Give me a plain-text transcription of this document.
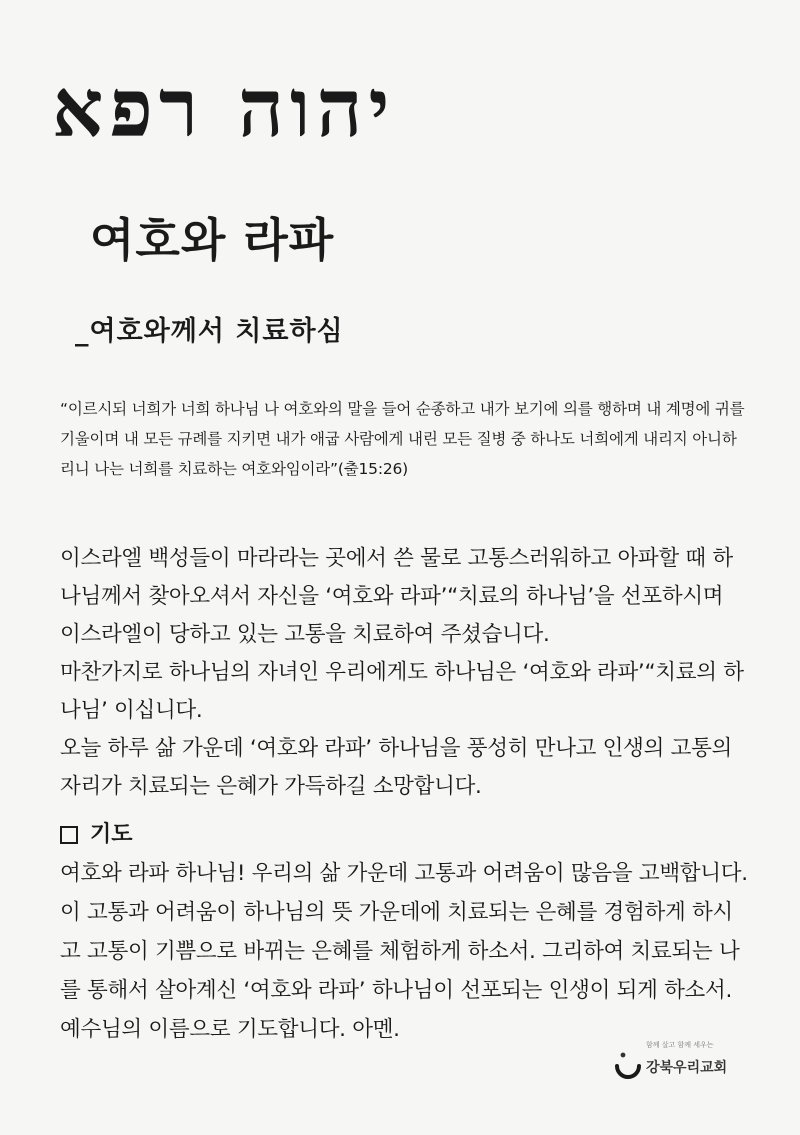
יהוה רפא
여호와 라파
_여호와께서 치료하심
“이르시되 너희가 너희 하나님 나 여호와의 말을 들어 순종하고 내가 보기에 의를 행하며 내 계명에 귀를 기울이며 내 모든 규례를 지키면 내가 애굽 사람에게 내린 모든 질병 중 하나도 너희에게 내리지 아니하리니 나는 너희를 치료하는 여호와임이라”(출15:26)

이스라엘 백성들이 마라라는 곳에서 쓴 물로 고통스러워하고 아파할 때 하나님께서 찾아오셔서 자신을 ‘여호와 라파’“치료의 하나님’을 선포하시며 이스라엘이 당하고 있는 고통을 치료하여 주셨습니다.

마찬가지로 하나님의 자녀인 우리에게도 하나님은 ‘여호와 라파’“치료의 하나님’ 이십니다.

오늘 하루 삶 가운데 ‘여호와 라파’ 하나님을 풍성히 만나고 인생의 고통의 자리가 치료되는 은혜가 가득하길 소망합니다.

기도
여호와 라파 하나님! 우리의 삶 가운데 고통과 어려움이 많음을 고백합니다. 이 고통과 어려움이 하나님의 뜻 가운데에 치료되는 은혜를 경험하게 하시고 고통이 기쁨으로 바뀌는 은혜를 체험하게 하소서. 그리하여 치료되는 나를 통해서 살아계신 ‘여호와 라파’ 하나님이 선포되는 인생이 되게 하소서. 예수님의 이름으로 기도합니다. 아멘.
함께 살고 함께 세우는
강북우리교회
